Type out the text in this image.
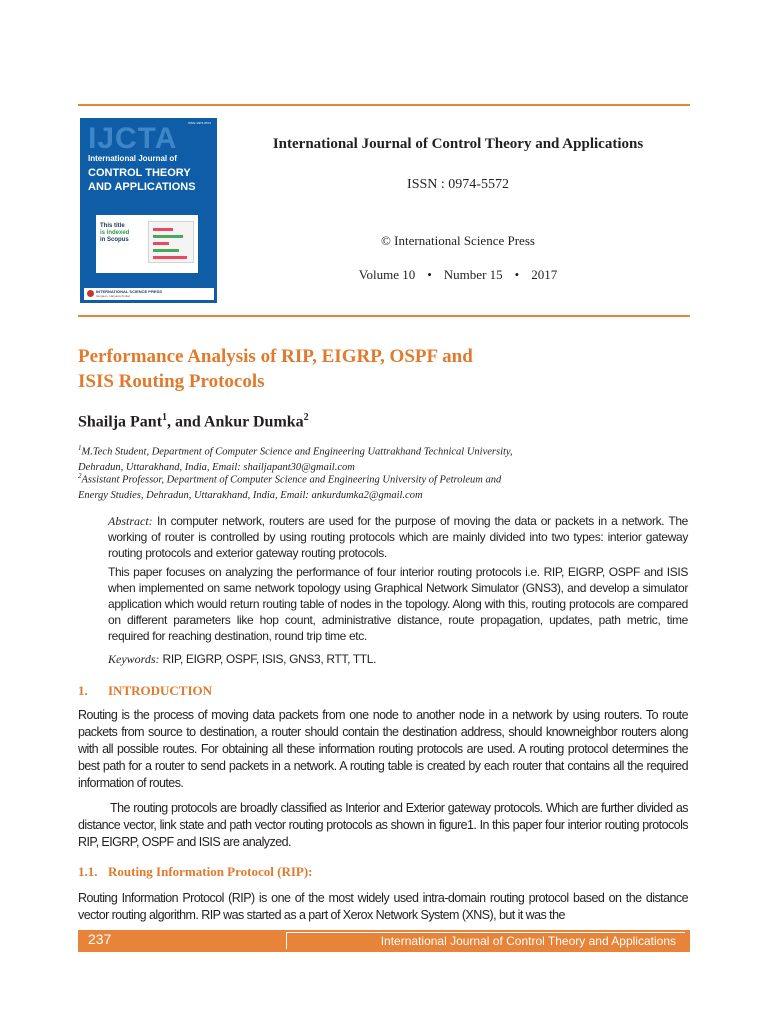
ISSN: 0974-5572
IJCTA
International Journal of
CONTROL THEORY
AND APPLICATIONS
This title
is indexed
in Scopus
INTERNATIONAL SCIENCE PRESS
Gurgaon, Haryana (India)
International Journal of Control Theory and Applications
ISSN : 0974-5572
© International Science Press
Volume 10 • Number 15 • 2017
Performance Analysis of RIP, EIGRP, OSPF and
ISIS Routing Protocols
Shailja Pant$^1$, and Ankur Dumka$^2$
$^1$M.Tech Student, Department of Computer Science and Engineering Uattrakhand Technical University,
Dehradun, Uttarakhand, India, Email: shailjapant30@gmail.com
$^2$Assistant Professor, Department of Computer Science and Engineering University of Petroleum and
Energy Studies, Dehradun, Uttarakhand, India, Email: ankurdumka2@gmail.com
Abstract: In computer network, routers are used for the purpose of moving the data or packets in a network. The working of router is controlled by using routing protocols which are mainly divided into two types: interior gateway routing protocols and exterior gateway routing protocols.
This paper focuses on analyzing the performance of four interior routing protocols i.e. RIP, EIGRP, OSPF and ISIS when implemented on same network topology using Graphical Network Simulator (GNS3), and develop a simulator application which would return routing table of nodes in the topology. Along with this, routing protocols are compared on different parameters like hop count, administrative distance, route propagation, updates, path metric, time required for reaching destination, round trip time etc.
Keywords: RIP, EIGRP, OSPF, ISIS, GNS3, RTT, TTL.
1. INTRODUCTION
Routing is the process of moving data packets from one node to another node in a network by using routers. To route packets from source to destination, a router should contain the destination address, should knowneighbor routers along with all possible routes. For obtaining all these information routing protocols are used. A routing protocol determines the best path for a router to send packets in a network. A routing table is created by each router that contains all the required information of routes.
The routing protocols are broadly classified as Interior and Exterior gateway protocols. Which are further divided as distance vector, link state and path vector routing protocols as shown in figure1. In this paper four interior routing protocols RIP, EIGRP, OSPF and ISIS are analyzed.
1.1. Routing Information Protocol (RIP):
Routing Information Protocol (RIP) is one of the most widely used intra-domain routing protocol based on the distance vector routing algorithm. RIP was started as a part of Xerox Network System (XNS), but it was the
237	International Journal of Control Theory and Applications
